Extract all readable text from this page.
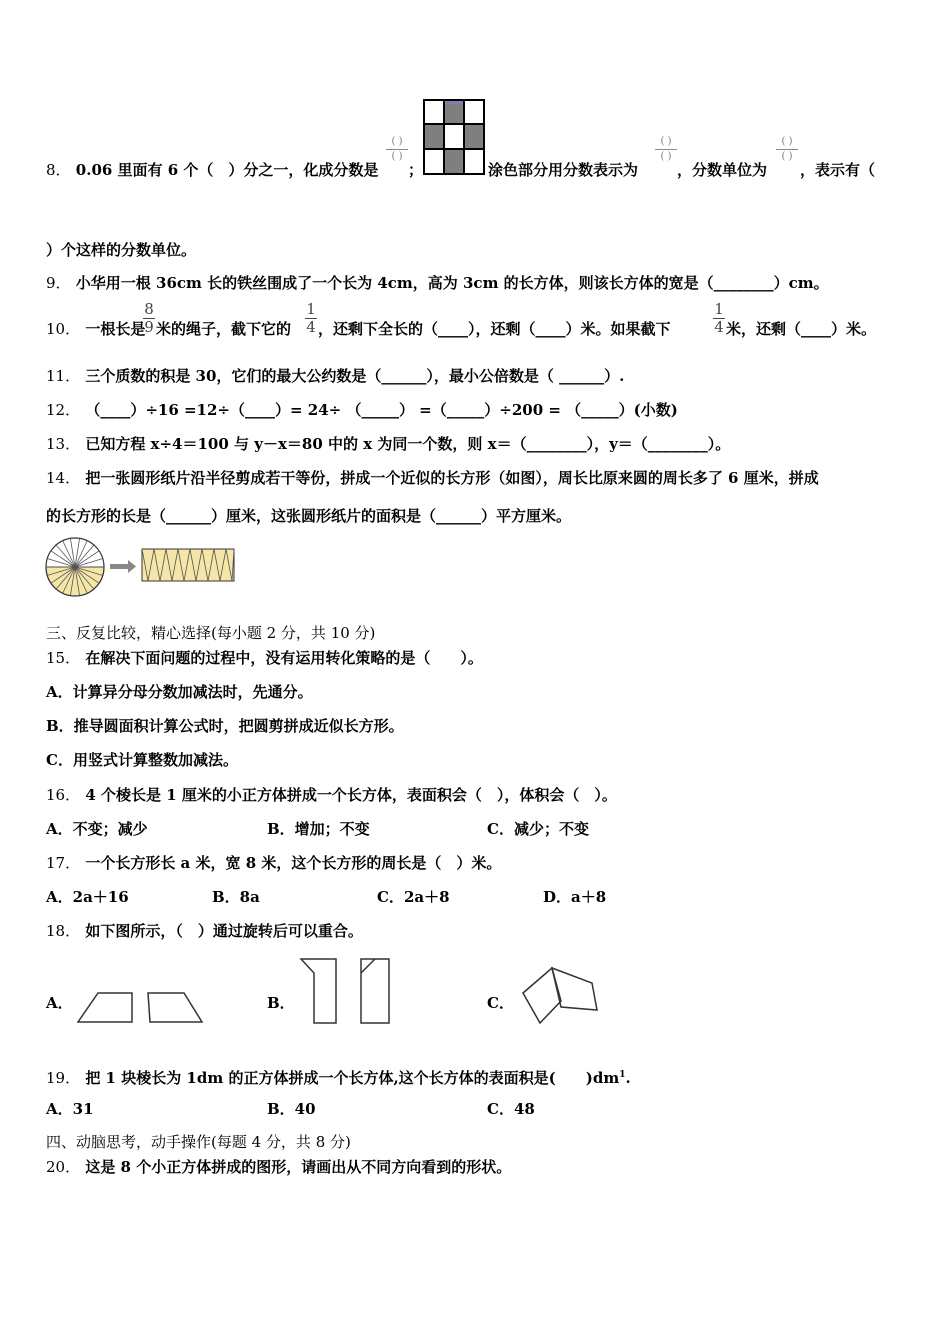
8． 0.06 里面有 6 个（　）分之一，化成分数是
( )
( )
；	涂色部分用分数表示为
( )
( )
，分数单位为
( )
( )
，表示有（
）个这样的分数单位。
9． 小华用一根 36cm 长的铁丝围成了一个长为 4cm，高为 3cm 的长方体，则该长方体的宽是（________）cm。
10． 一根长是
8
9 米的绳子，截下它的
1
4 ，还剩下全长的（____），还剩（____）米。如果截下
1
4 米，还剩（____）米。
11． 三个质数的积是 30，它们的最大公约数是（______），最小公倍数是（ ______）.
12． （____）÷16 =12÷（____）= 24÷ （_____） =（_____）÷200 = （_____）(小数)
13． 已知方程 x÷4＝100 与 y－x＝80 中的 x 为同一个数，则 x＝（________），y＝（________）。
14． 把一张圆形纸片沿半径剪成若干等份，拼成一个近似的长方形（如图），周长比原来圆的周长多了 6 厘米，拼成
的长方形的长是（______）厘米，这张圆形纸片的面积是（______）平方厘米。
三、反复比较，精心选择(每小题 2 分，共 10 分)
15． 在解决下面问题的过程中，没有运用转化策略的是（　　）。
A．计算异分母分数加减法时，先通分。
B．推导圆面积计算公式时，把圆剪拼成近似长方形。
C．用竖式计算整数加减法。
16． 4 个棱长是 1 厘米的小正方体拼成一个长方体，表面积会（　），体积会（　）。
A．不变；减少	B．增加；不变	C．减少；不变
17． 一个长方形长 a 米，宽 8 米，这个长方形的周长是（　）米。
A．2a＋16	B．8a	C．2a＋8	D．a＋8
18． 如下图所示，（　）通过旋转后可以重合。
A．	B．	C．
19． 把 1 块棱长为 1dm 的正方体拼成一个长方体,这个长方体的表面积是(　　)$dm^1$.
A．31	B．40	C．48
四、动脑思考，动手操作(每题 4 分，共 8 分)
20． 这是 8 个小正方体拼成的图形，请画出从不同方向看到的形状。
